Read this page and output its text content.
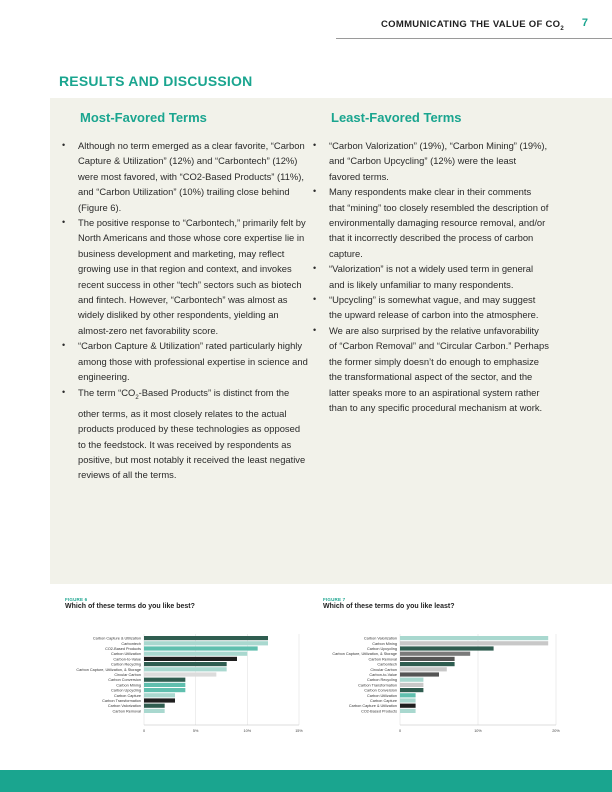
COMMUNICATING THE VALUE OF $CO_2$ 7
RESULTS AND DISCUSSION
Most-Favored Terms	Least-Favored Terms
• Although no term emerged as a clear favorite, “Carbon Capture & Utilization” (12%) and “Carbontech” (12%) were most favored, with “CO2-Based Products” (11%), and “Carbon Utilization” (10%) trailing close behind (Figure 6).
• The positive response to “Carbontech,” primarily felt by North Americans and those whose core expertise lie in business development and marketing, may reflect growing use in that region and context, and invokes recent success in other “tech” sectors such as biotech and fintech. However, “Carbontech” was almost as widely disliked by other respondents, yielding an almost-zero net favorability score.
• “Carbon Capture & Utilization” rated particularly highly among those with professional expertise in science and engineering.
• The term “$CO_2$-Based Products” is distinct from the other terms, as it most closely relates to the actual products produced by these technologies as opposed to the feedstock. It was received by respondents as positive, but most notably it received the least negative reviews of all the terms.
• “Carbon Valorization” (19%), “Carbon Mining” (19%), and “Carbon Upcycling” (12%) were the least favored terms.
• Many respondents make clear in their comments that “mining” too closely resembled the description of environmentally damaging resource removal, and/or that it incorrectly described the process of carbon capture.
• “Valorization” is not a widely used term in general and is likely unfamiliar to many respondents.
• “Upcycling” is somewhat vague, and may suggest the upward release of carbon into the atmosphere.
• We are also surprised by the relative unfavorability of “Carbon Removal” and “Circular Carbon.” Perhaps the former simply doesn’t do enough to emphasize the transformational aspect of the sector, and the latter speaks more to an aspirational system rather than to any specific procedural mechanism at work.
FIGURE 6
Which of these terms do you like best?
0	5%	10%	15%
Carbon Capture & Utilization
Carbontech
CO2-Based Products
Carbon Utilization
Carbon-to-Value
Carbon Recycling
Carbon Capture, Utilization, & Storage
Circular Carbon
Carbon Conversion
Carbon Mining
Carbon Upcycling
Carbon Capture
Carbon Transformation
Carbon Valorization
Carbon Removal
FIGURE 7
Which of these terms do you like least?
0	10%	20%
Carbon Valorization
Carbon Mining
Carbon Upcycling
Carbon Capture, Utilization, & Storage
Carbon Removal
Carbontech
Circular Carbon
Carbon-to-Value
Carbon Recycling
Carbon Transformation
Carbon Conversion
Carbon Utilization
Carbon Capture
Carbon Capture & Utilization
CO2-Based Products
